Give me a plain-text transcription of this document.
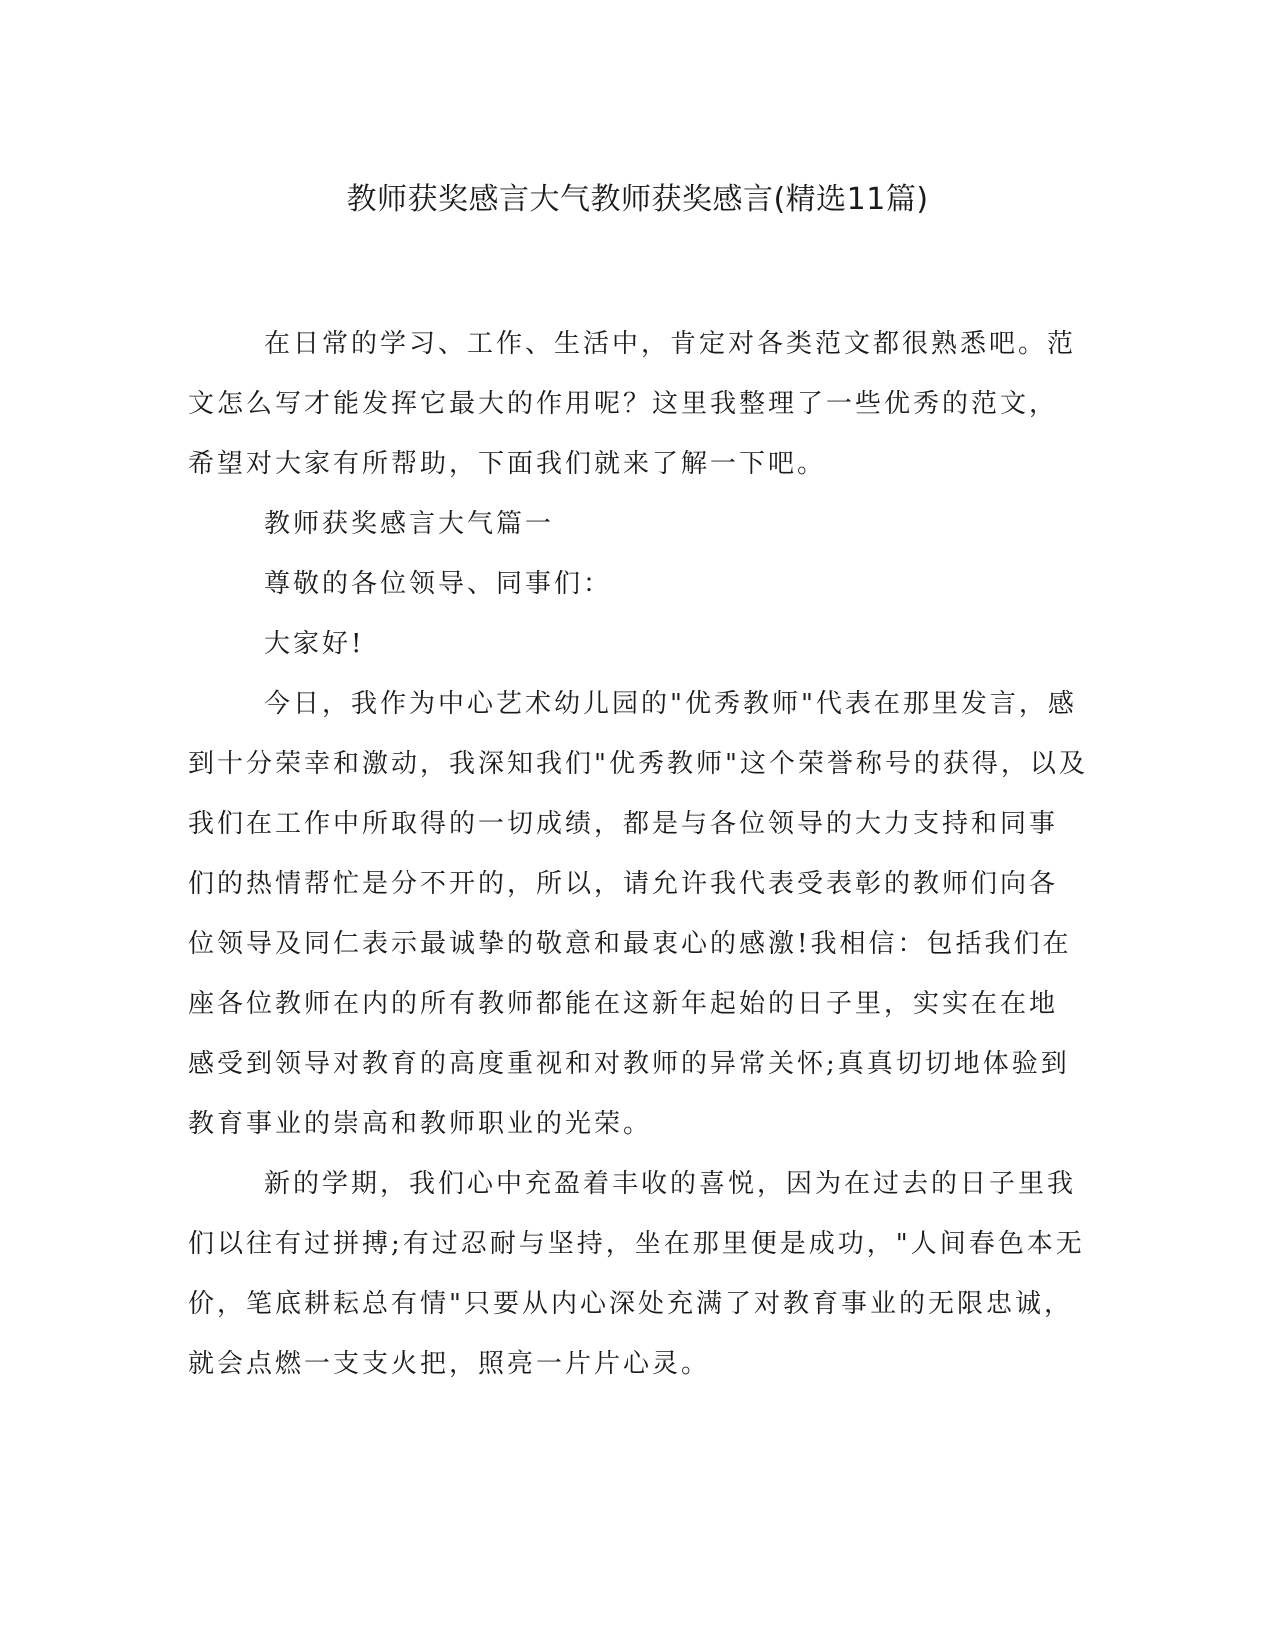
教师获奖感言大气教师获奖感言(精选11篇)
在日常的学习、工作、生活中，肯定对各类范文都很熟悉吧。范
文怎么写才能发挥它最大的作用呢？这里我整理了一些优秀的范文，
希望对大家有所帮助，下面我们就来了解一下吧。
教师获奖感言大气篇一
尊敬的各位领导、同事们：
大家好!
今日，我作为中心艺术幼儿园的"优秀教师"代表在那里发言，感
到十分荣幸和激动，我深知我们"优秀教师"这个荣誉称号的获得，以及
我们在工作中所取得的一切成绩，都是与各位领导的大力支持和同事
们的热情帮忙是分不开的，所以，请允许我代表受表彰的教师们向各
位领导及同仁表示最诚挚的敬意和最衷心的感激!我相信：包括我们在
座各位教师在内的所有教师都能在这新年起始的日子里，实实在在地
感受到领导对教育的高度重视和对教师的异常关怀;真真切切地体验到
教育事业的崇高和教师职业的光荣。
新的学期，我们心中充盈着丰收的喜悦，因为在过去的日子里我
们以往有过拼搏;有过忍耐与坚持，坐在那里便是成功，"人间春色本无
价，笔底耕耘总有情"只要从内心深处充满了对教育事业的无限忠诚，
就会点燃一支支火把，照亮一片片心灵。
